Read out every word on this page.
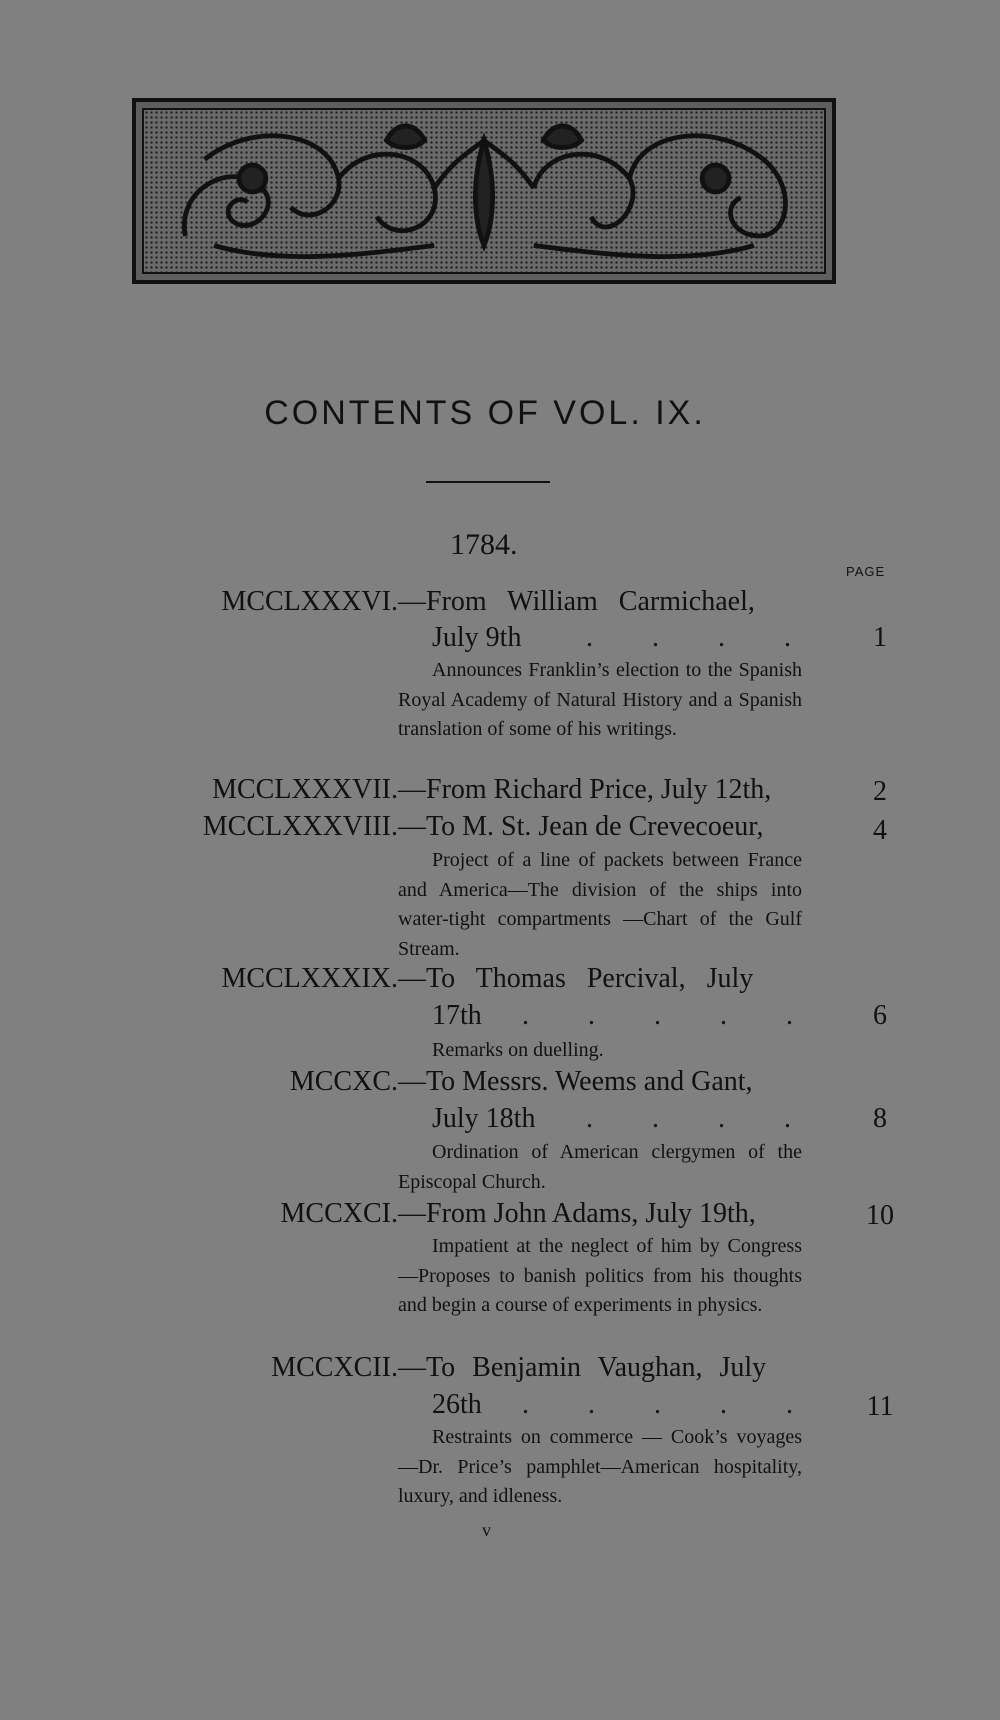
CONTENTS OF VOL. IX.
1784.
PAGE
MCCLXXXVI. —From William Carmichael,
July 9th . . . .	1
Announces Franklin’s election to the Spanish Royal Academy of Natural History and a Spanish translation of some of his writings.
MCCLXXXVII. —From Richard Price, July 12th,	2
MCCLXXXVIII. —To M. St. Jean de Crevecoeur,	4
Project of a line of packets between France and America—The division of the ships into water-tight compartments —Chart of the Gulf Stream.
MCCLXXXIX. —To Thomas Percival, July
17th . . . . .	6
Remarks on duelling.
MCCXC. —To Messrs. Weems and Gant,
July 18th . . . .	8
Ordination of American clergymen of the Episcopal Church.
MCCXCI. —From John Adams, July 19th,	10
Impatient at the neglect of him by Congress—Proposes to banish politics from his thoughts and begin a course of experiments in physics.
MCCXCII. —To Benjamin Vaughan, July
26th . . . . . 11
Restraints on commerce — Cook’s voyages—Dr. Price’s pamphlet—American hospitality, luxury, and idleness.
v
